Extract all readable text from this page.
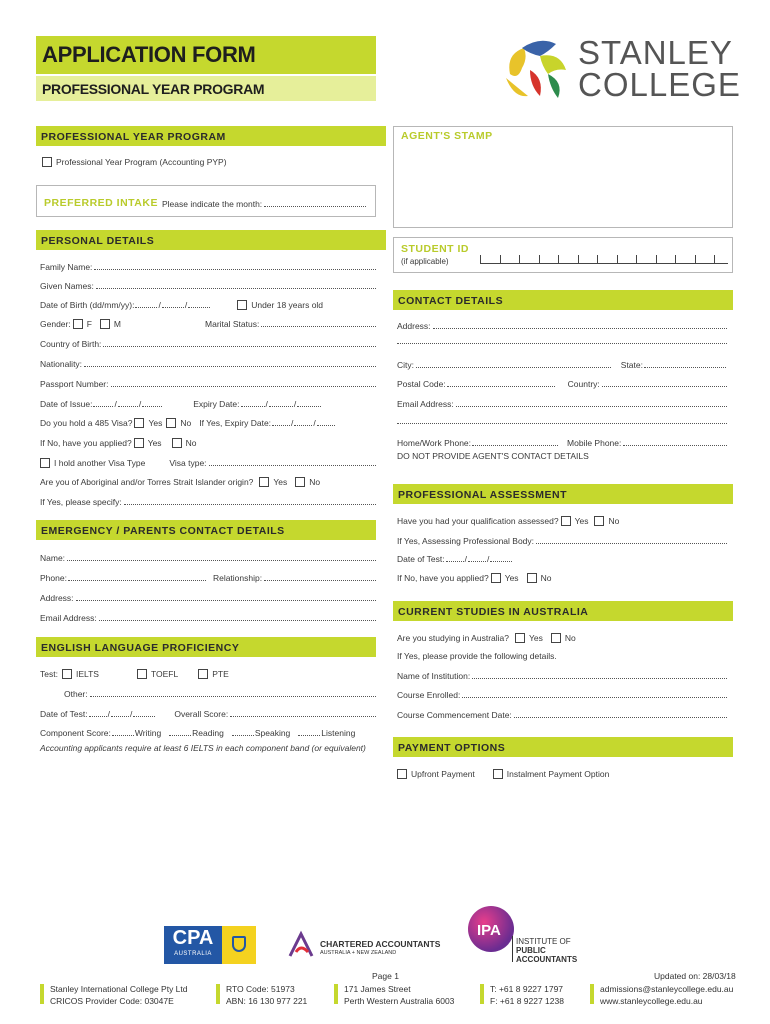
APPLICATION FORM
PROFESSIONAL YEAR PROGRAM
STANLEY
COLLEGE
PROFESSIONAL YEAR PROGRAM
Professional Year Program (Accounting PYP)
AGENT'S STAMP
PREFERRED INTAKE Please indicate the month:
PERSONAL DETAILS
Family Name:
Given Names:
Date of Birth (dd/mm/yy):	/	/	Under 18 years old
Gender: F	M	Marital Status:
Country of Birth:
Nationality:
Passport Number:
Date of Issue:	/	/	Expiry Date:	/	/
Do you hold a 485 Visa? Yes No If Yes, Expiry Date: / /
If No, have you applied? Yes	No
I hold another Visa Type	Visa type:
Are you of Aboriginal and/or Torres Strait Islander origin? Yes	No
If Yes, please specify:
STUDENT ID
(if applicable)
CONTACT DETAILS
Address:
City:	State:
Postal Code:	Country:
Email Address:
Home/Work Phone:	Mobile Phone:
DO NOT PROVIDE AGENT'S CONTACT DETAILS
EMERGENCY / PARENTS CONTACT DETAILS
Name:
Phone:	Relationship:
Address:
Email Address:
PROFESSIONAL ASSESSMENT
Have you had your qualification assessed? Yes No
If Yes, Assessing Professional Body:
Date of Test: / /
If No, have you applied? Yes	No
CURRENT STUDIES IN AUSTRALIA
Are you studying in Australia? Yes	No
If Yes, please provide the following details.
Name of Institution:
Course Enrolled:
Course Commencement Date:
ENGLISH LANGUAGE PROFICIENCY
Test: IELTS	TOEFL	PTE
Other:
Date of Test: / /	Overall Score:
Component Score:	Writing	Reading	Speaking	Listening
Accounting applicants require at least 6 IELTS in each component band (or equivalent)	PAYMENT OPTIONS
Upfront Payment	Instalment Payment Option
CPA
AUSTRALIA
CHARTERED ACCOUNTANTS
AUSTRALIA + NEW ZEALAND
IPA
INSTITUTE OF
PUBLIC
ACCOUNTANTS
Page 1	Updated on: 28/03/18
Stanley International College Pty Ltd
CRICOS Provider Code: 03047E
RTO Code: 51973
ABN: 16 130 977 221
171 James Street
Perth Western Australia 6003
T: +61 8 9227 1797
F: +61 8 9227 1238
admissions@stanleycollege.edu.au
www.stanleycollege.edu.au
